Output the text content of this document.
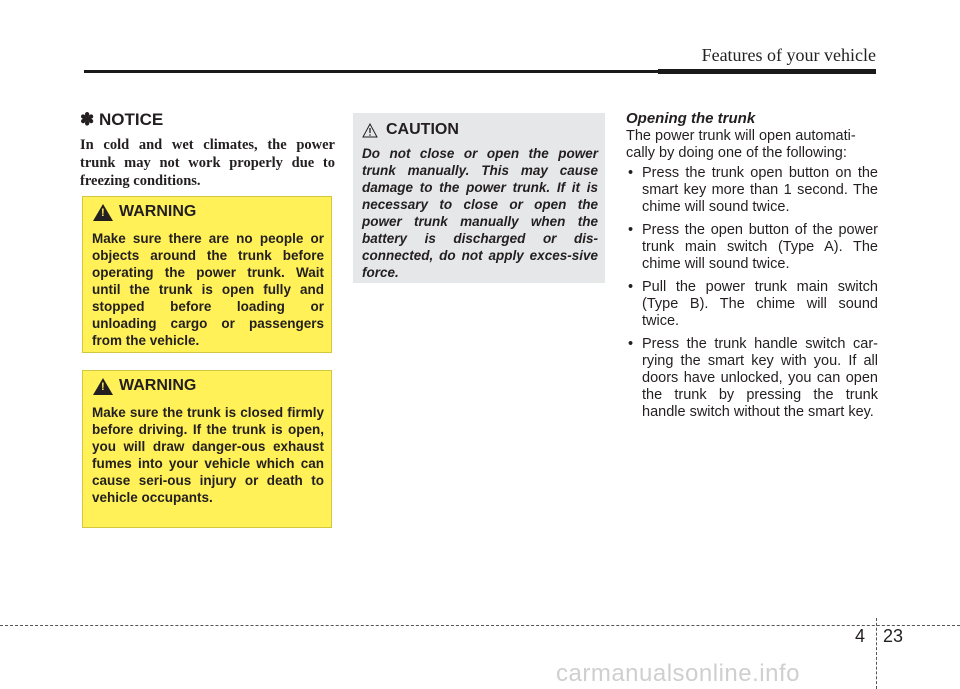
Features of your vehicle
✽ NOTICE
In cold and wet climates, the power trunk may not work properly due to freezing conditions.
! WARNING
Make sure there are no people or objects around the trunk before operating the power trunk. Wait until the trunk is open fully and stopped before loading or unloading cargo or passengers from the vehicle.
! WARNING
Make sure the trunk is closed firmly before driving. If the trunk is open, you will draw danger-ous exhaust fumes into your vehicle which can cause seri-ous injury or death to vehicle occupants.
CAUTION
Do not close or open the power trunk manually. This may cause damage to the power trunk. If it is necessary to close or open the power trunk manually when the battery is discharged or dis-connected, do not apply exces-sive force.
Opening the trunk
The power trunk will open automati-cally by doing one of the following:
• Press the trunk open button on the smart key more than 1 second. The chime will sound twice.
• Press the open button of the power trunk main switch (Type A). The chime will sound twice.
• Pull the power trunk main switch (Type B). The chime will sound twice.
• Press the trunk handle switch car-rying the smart key with you. If all doors have unlocked, you can open the trunk by pressing the trunk handle switch without the smart key.
4 23
carmanualsonline.info
